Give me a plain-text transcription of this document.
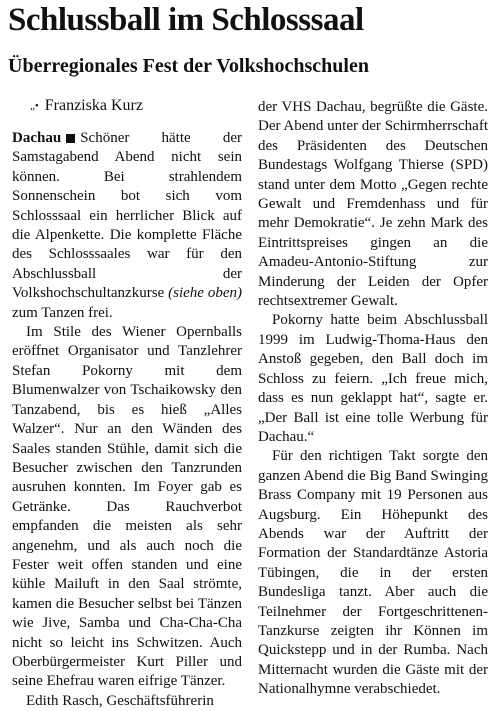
Schlussball im Schlosssaal
Überregionales Fest der Volkshochschulen
„• Franziska Kurz

Dachau Schöner hätte der Samstagabend Abend nicht sein können. Bei strahlendem Sonnenschein bot sich vom Schlosssaal ein herrlicher Blick auf die Alpenkette. Die komplette Fläche des Schlosssaales war für den Abschlussball der Volkshochschultanzkurse (siehe oben) zum Tanzen frei.

Im Stile des Wiener Opernballs eröffnet Organisator und Tanzlehrer Stefan Pokorny mit dem Blumenwalzer von Tschaikowsky den Tanzabend, bis es hieß „Alles Walzer“. Nur an den Wänden des Saales standen Stühle, damit sich die Besucher zwischen den Tanzrunden ausruhen konnten. Im Foyer gab es Getränke. Das Rauchverbot empfanden die meisten als sehr angenehm, und als auch noch die Fester weit offen standen und eine kühle Mailuft in den Saal strömte, kamen die Besucher selbst bei Tänzen wie Jive, Samba und Cha-Cha-Cha nicht so leicht ins Schwitzen. Auch Oberbürgermeister Kurt Piller und seine Ehefrau waren eifrige Tänzer.

Edith Rasch, Geschäftsführerin

der VHS Dachau, begrüßte die Gäste. Der Abend unter der Schirmherrschaft des Präsidenten des Deutschen Bundestags Wolfgang Thierse (SPD) stand unter dem Motto „Gegen rechte Gewalt und Fremdenhass und für mehr Demokratie“. Je zehn Mark des Eintrittspreises gingen an die Amadeu-Antonio-Stiftung zur Minderung der Leiden der Opfer rechtsextremer Gewalt.

Pokorny hatte beim Abschlussball 1999 im Ludwig-Thoma-Haus den Anstoß gegeben, den Ball doch im Schloss zu feiern. „Ich freue mich, dass es nun geklappt hat“, sagte er. „Der Ball ist eine tolle Werbung für Dachau.“

Für den richtigen Takt sorgte den ganzen Abend die Big Band Swinging Brass Company mit 19 Personen aus Augsburg. Ein Höhepunkt des Abends war der Auftritt der Formation der Standardtänze Astoria Tübingen, die in der ersten Bundesliga tanzt. Aber auch die Teilnehmer der Fortgeschrittenen-Tanzkurse zeigten ihr Können im Quickstepp und in der Rumba. Nach Mitternacht wurden die Gäste mit der Nationalhymne verabschiedet.
